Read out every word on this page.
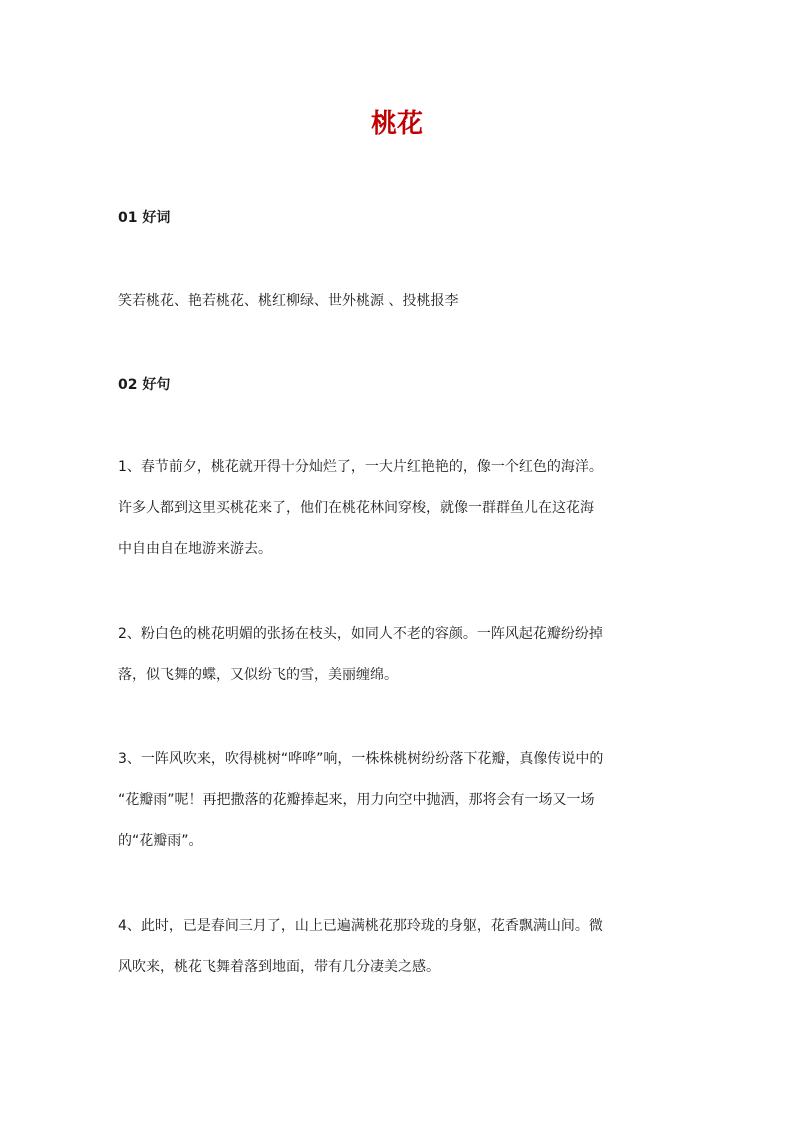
桃花
01 好词
笑若桃花、艳若桃花、桃红柳绿、世外桃源 、投桃报李
02 好句

1、春节前夕，桃花就开得十分灿烂了，一大片红艳艳的，像一个红色的海洋。
许多人都到这里买桃花来了，他们在桃花林间穿梭，就像一群群鱼儿在这花海
中自由自在地游来游去。

2、粉白色的桃花明媚的张扬在枝头，如同人不老的容颜。一阵风起花瓣纷纷掉
落，似飞舞的蝶，又似纷飞的雪，美丽缠绵。

3、一阵风吹来，吹得桃树“哗哗”响，一株株桃树纷纷落下花瓣，真像传说中的
“花瓣雨”呢！再把撒落的花瓣捧起来，用力向空中抛洒，那将会有一场又一场
的“花瓣雨”。

4、此时，已是春间三月了，山上已遍满桃花那玲珑的身躯，花香飘满山间。微
风吹来，桃花飞舞着落到地面，带有几分凄美之感。
